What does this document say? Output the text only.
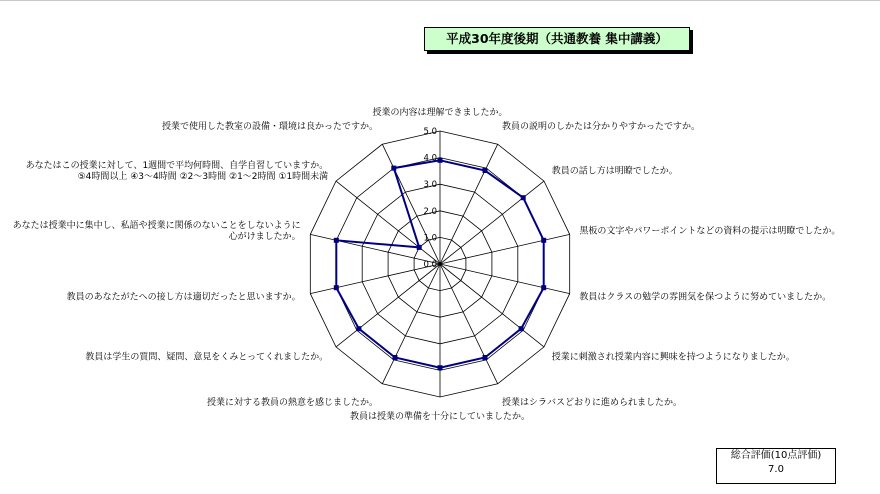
平成30年度後期（共通教養 集中講義）
0.0
1.0
2.0
3.0
4.0
5.0
授業の内容は理解できましたか。
教員の説明のしかたは分かりやすかったですか。
教員の話し方は明瞭でしたか。
黒板の文字やパワーポイントなどの資料の提示は明瞭でしたか。
教員はクラスの勉学の雰囲気を保つように努めていましたか。
授業に刺激され授業内容に興味を持つようになりましたか。
授業はシラバスどおりに進められましたか。
教員は授業の準備を十分にしていましたか。
授業に対する教員の熱意を感じましたか。
教員は学生の質問、疑問、意見をくみとってくれましたか。
教員のあなたがたへの接し方は適切だったと思いますか。
あなたは授業中に集中し、私語や授業に関係のないことをしないように
心がけましたか。
あなたはこの授業に対して、1週間で平均何時間、自学自習していますか。
⑤4時間以上 ④3～4時間 ②2～3時間 ②1～2時間 ①1時間未満
授業で使用した教室の設備・環境は良かったですか。
総合評価(10点評価)
7.0
